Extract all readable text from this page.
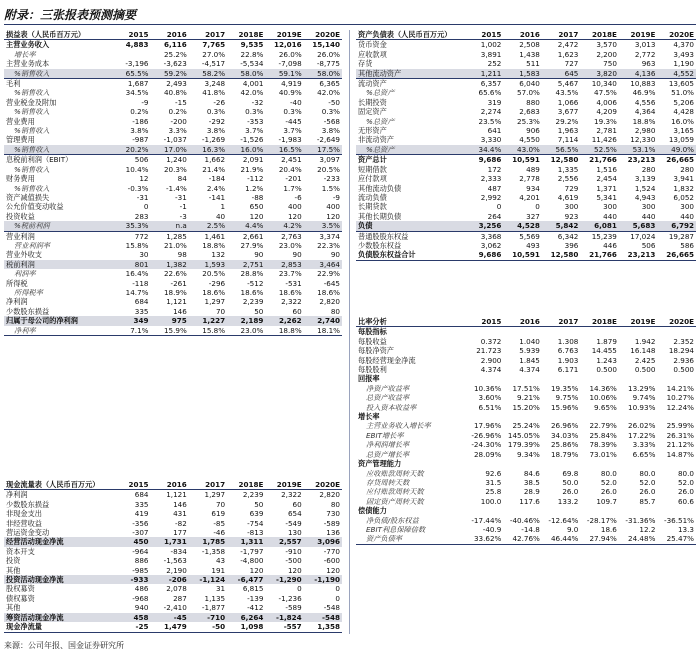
附录：三张报表预测摘要
损益表（人民币百万元）	2015	2016	2017	2018E	2019E	2020E
主营业务收入	4,883	6,116	7,765	9,535	12,016	15,140
增长率		25.2%	27.0%	22.8%	26.0%	26.0%
主营业务成本	-3,196	-3,623	-4,517	-5,534	-7,098	-8,775
%销售收入	65.5%	59.2%	58.2%	58.0%	59.1%	58.0%
毛利	1,687	2,493	3,248	4,001	4,919	6,365
%销售收入	34.5%	40.8%	41.8%	42.0%	40.9%	42.0%
营业税金及附加	-9	-15	-26	-32	-40	-50
%销售收入	0.2%	0.2%	0.3%	0.3%	0.3%	0.3%
营业费用	-186	-200	-292	-353	-445	-568
%销售收入	3.8%	3.3%	3.8%	3.7%	3.7%	3.8%
管理费用	-987	-1,037	-1,269	-1,526	-1,983	-2,649
%销售收入	20.2%	17.0%	16.3%	16.0%	16.5%	17.5%
息税前利润（EBIT）	506	1,240	1,662	2,091	2,451	3,097
%销售收入	10.4%	20.3%	21.4%	21.9%	20.4%	20.5%
财务费用	12	84	-184	-112	-201	-233
%销售收入	-0.3%	-1.4%	2.4%	1.2%	1.7%	1.5%
资产减值损失	-31	-31	-141	-88	-6	-9
公允价值变动收益	0	-1	1	650	400	400
投资收益	283	-3	40	120	120	120
%税前利润	35.3%	n.a	2.5%	4.4%	4.2%	3.5%
营业利润	772	1,285	1,461	2,661	2,763	3,374
营业利润率	15.8%	21.0%	18.8%	27.9%	23.0%	22.3%
营业外收支	30	98	132	90	90	90
税前利润	801	1,382	1,593	2,751	2,853	3,464
利润率	16.4%	22.6%	20.5%	28.8%	23.7%	22.9%
所得税	-118	-261	-296	-512	-531	-645
所得税率	14.7%	18.9%	18.6%	18.6%	18.6%	18.6%
净利润	684	1,121	1,297	2,239	2,322	2,820
少数股东损益	335	146	70	50	60	80
归属于母公司的净利润	349	975	1,227	2,189	2,262	2,740
净利率	7.1%	15.9%	15.8%	23.0%	18.8%	18.1%
现金流量表（人民币百万元）	2015	2016	2017	2018E	2019E	2020E
净利润	684	1,121	1,297	2,239	2,322	2,820
少数股东损益	335	146	70	50	60	80
非现金支出	419	431	619	639	654	730
非经营收益	-356	-82	-85	-754	-549	-589
营运资金变动	-307	177	-46	-813	130	136
经营活动现金净流	450	1,731	1,785	1,311	2,557	3,096
资本开支	-964	-834	-1,358	-1,797	-910	-770
投资	886	-1,563	43	-4,800	-500	-600
其他	-985	2,190	191	120	120	120
投资活动现金净流	-933	-206	-1,124	-6,477	-1,290	-1,190
股权募资	486	2,078	31	6,815	0	0
债权募资	-968	287	1,135	-139	-1,236	0
其他	940	-2,410	-1,877	-412	-589	-548
筹资活动现金净流	458	-45	-710	6,264	-1,824	-548
现金净流量	-25	1,479	-50	1,098	-557	1,358
资产负债表（人民币百万元）	2015	2016	2017	2018E	2019E	2020E
货币资金	1,002	2,508	2,472	3,570	3,013	4,370
应收款项	3,891	1,438	1,623	2,200	2,772	3,493
存货	252	511	727	750	963	1,190
其他流动资产	1,211	1,583	645	3,820	4,136	4,552
流动资产	6,357	6,040	5,467	10,340	10,883	13,605
%总资产	65.6%	57.0%	43.5%	47.5%	46.9%	51.0%
长期投资	319	880	1,066	4,006	4,556	5,206
固定资产	2,274	2,683	3,677	4,209	4,364	4,428
%总资产	23.5%	25.3%	29.2%	19.3%	18.8%	16.0%
无形资产	641	906	1,963	2,781	2,980	3,165
非流动资产	3,330	4,550	7,114	11,426	12,330	13,059
%总资产	34.4%	43.0%	56.5%	52.5%	53.1%	49.0%
资产总计	9,686	10,591	12,580	21,766	23,213	26,665
短期借款	172	489	1,335	1,516	280	280
应付款项	2,333	2,778	2,556	2,454	3,139	3,941
其他流动负债	487	934	729	1,371	1,524	1,832
流动负债	2,992	4,201	4,619	5,341	4,943	6,052
长期贷款	0	0	300	300	300	300
其他长期负债	264	327	923	440	440	440
负债	3,256	4,528	5,842	6,081	5,683	6,792
普通股股东权益	3,368	5,569	6,342	15,239	17,024	19,287
少数股东权益	3,062	493	396	446	506	586
负债股东权益合计	9,686	10,591	12,580	21,766	23,213	26,665
比率分析	2015	2016	2017	2018E	2019E	2020E
每股指标						
每股收益	0.372	1.040	1.308	1.879	1.942	2.352
每股净资产	21.723	5.939	6.763	14.455	16.148	18.294
每股经营现金净流	2.900	1.845	1.903	1.243	2.425	2.936
每股股利	4.374	4.374	6.171	0.500	0.500	0.500
回报率						
净资产收益率	10.36%	17.51%	19.35%	14.36%	13.29%	14.21%
总资产收益率	3.60%	9.21%	9.75%	10.06%	9.74%	10.27%
投入资本收益率	6.51%	15.20%	15.96%	9.65%	10.93%	12.24%
增长率						
主营业务收入增长率	17.96%	25.24%	26.96%	22.79%	26.02%	25.99%
EBIT增长率	-26.96%	145.05%	34.03%	25.84%	17.22%	26.31%
净利润增长率	-24.30%	179.39%	25.86%	78.39%	3.33%	21.12%
总资产增长率	28.09%	9.34%	18.79%	73.01%	6.65%	14.87%
资产管理能力						
应收账款周转天数	92.6	84.6	69.8	80.0	80.0	80.0
存货周转天数	31.5	38.5	50.0	52.0	52.0	52.0
应付账款周转天数	25.8	28.9	26.0	26.0	26.0	26.0
固定资产周转天数	100.0	117.6	133.2	109.7	85.7	60.6
偿债能力						
净负债/股东权益	-17.44%	-40.46%	-12.64%	-28.17%	-31.36%	-36.51%
EBIT利息保障倍数	-40.9	-14.8	9.0	18.6	12.2	13.3
资产负债率	33.62%	42.76%	46.44%	27.94%	24.48%	25.47%
来源：公司年报、国金证券研究所
